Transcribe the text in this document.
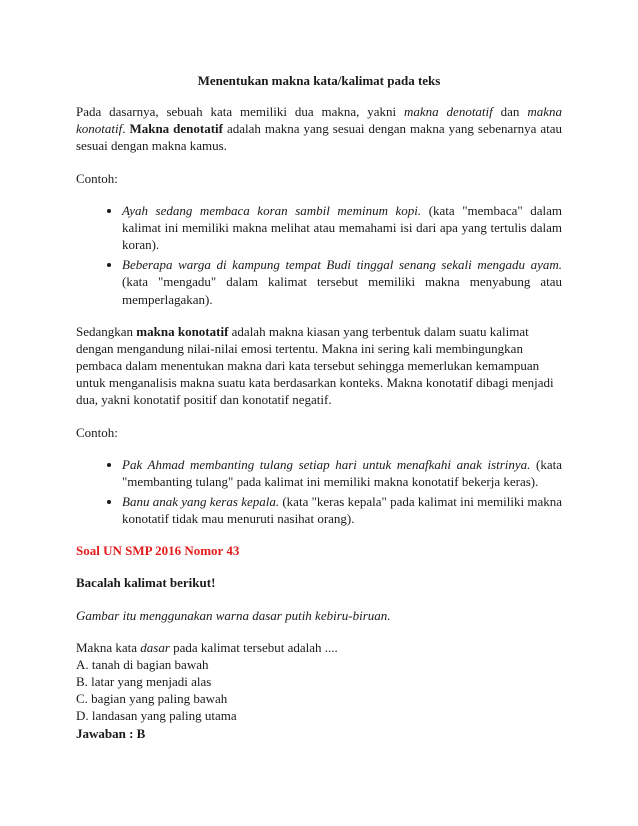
Menentukan makna kata/kalimat pada teks

Pada dasarnya, sebuah kata memiliki dua makna, yakni makna denotatif dan makna konotatif. Makna denotatif adalah makna yang sesuai dengan makna yang sebenarnya atau sesuai dengan makna kamus.

Contoh:

• Ayah sedang membaca koran sambil meminum kopi. (kata "membaca" dalam kalimat ini memiliki makna melihat atau memahami isi dari apa yang tertulis dalam koran).
• Beberapa warga di kampung tempat Budi tinggal senang sekali mengadu ayam.(kata "mengadu" dalam kalimat tersebut memiliki makna menyabung atau memperlagakan).

Sedangkan makna konotatif adalah makna kiasan yang terbentuk dalam suatu kalimat dengan mengandung nilai-nilai emosi tertentu. Makna ini sering kali membingungkan pembaca dalam menentukan makna dari kata tersebut sehingga memerlukan kemampuan untuk menganalisis makna suatu kata berdasarkan konteks. Makna konotatif dibagi menjadi dua, yakni konotatif positif dan konotatif negatif.

Contoh:

• Pak Ahmad membanting tulang setiap hari untuk menafkahi anak istrinya. (kata "membanting tulang" pada kalimat ini memiliki makna konotatif bekerja keras).
• Banu anak yang keras kepala. (kata "keras kepala" pada kalimat ini memiliki makna konotatif tidak mau menuruti nasihat orang).

Soal UN SMP 2016 Nomor 43

Bacalah kalimat berikut!

Gambar itu menggunakan warna dasar putih kebiru-biruan.

Makna kata dasar pada kalimat tersebut adalah ....
A. tanah di bagian bawah
B. latar yang menjadi alas
C. bagian yang paling bawah
D. landasan yang paling utama
Jawaban : B
